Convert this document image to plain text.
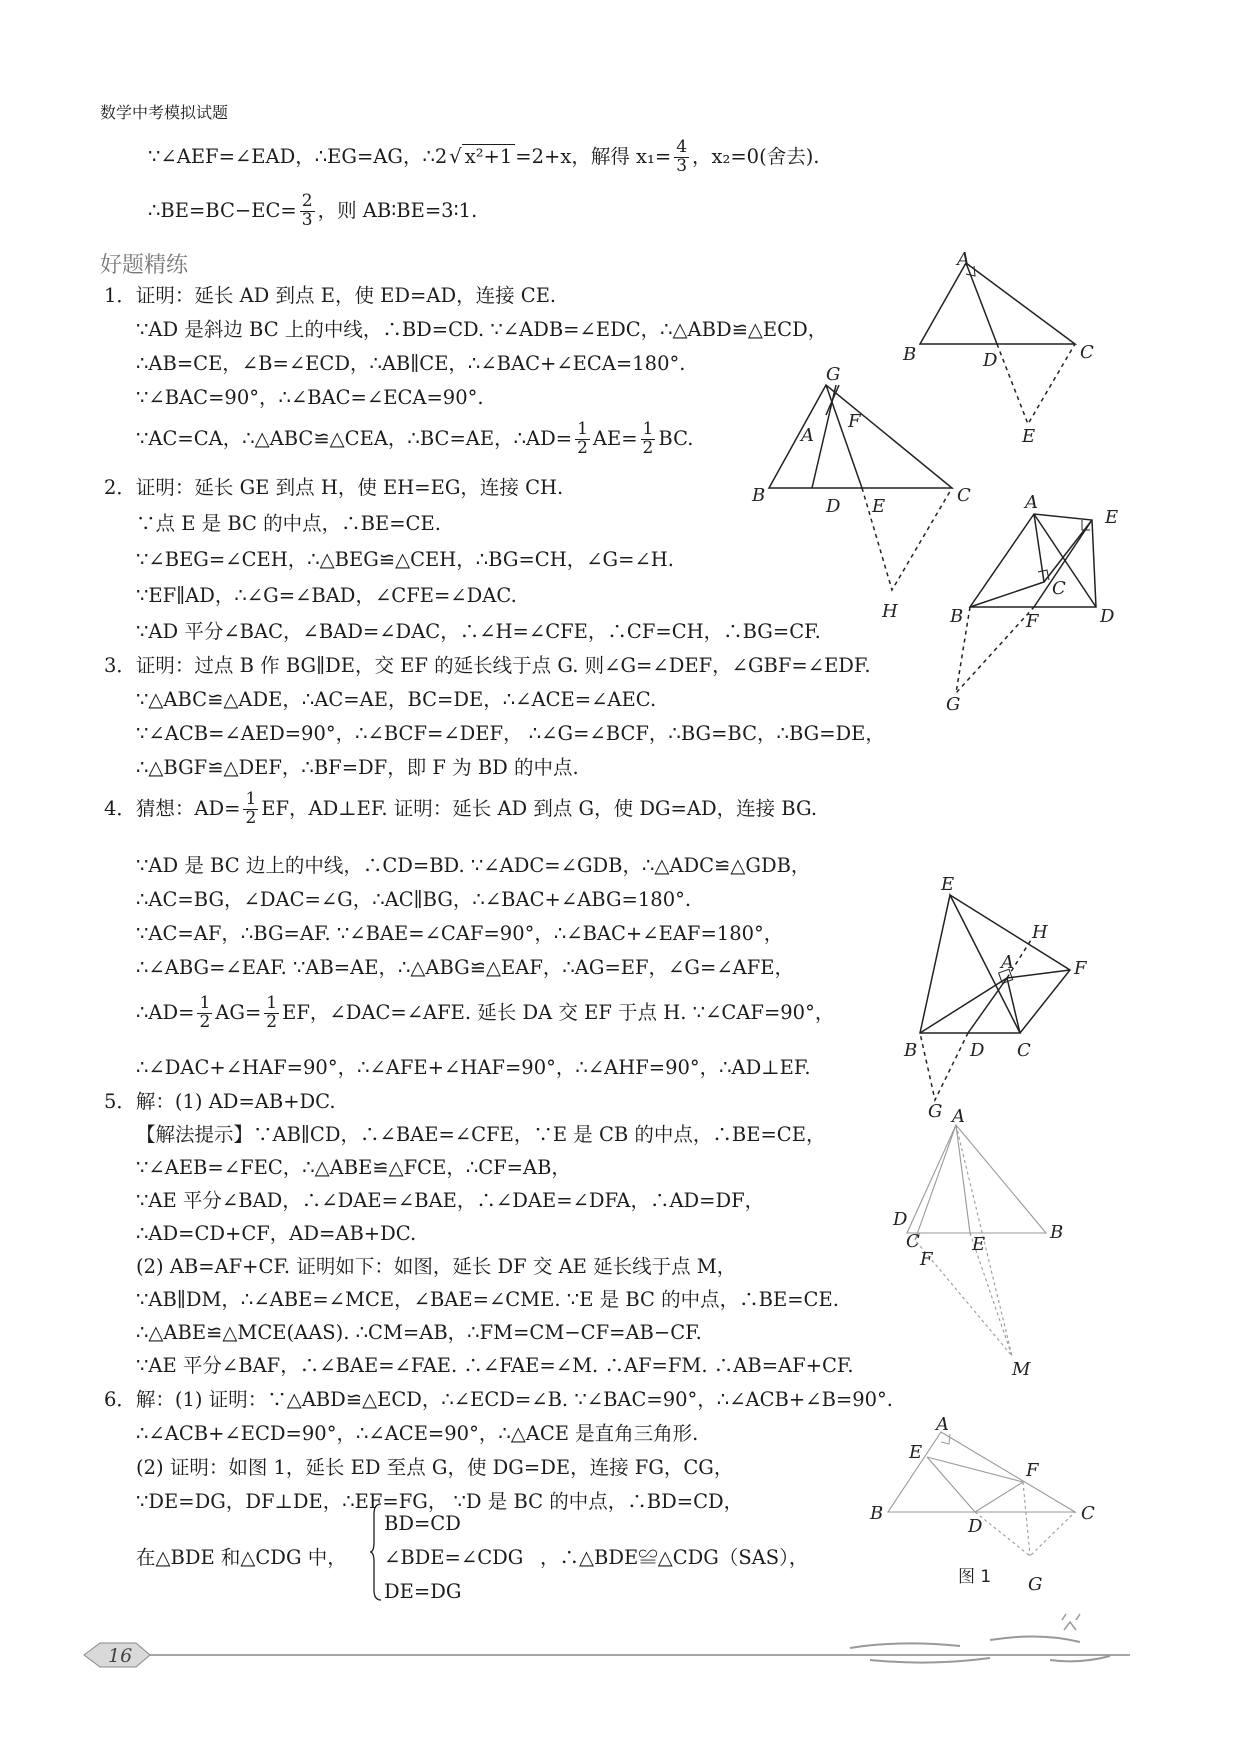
数学中考模拟试题
∵∠AEF=∠EAD，∴EG=AG，∴2 √ x²+1 =2+x，解得 $x_1= \frac{4}{3}$ ，x₂=0(舍去).
∴BE=BC−EC= $\frac{2}{3}$ ，则 AB∶BE=3∶1.
好题精练
1．证明：延长 AD 到点 E，使 ED=AD，连接 CE.
∵AD 是斜边 BC 上的中线，∴BD=CD. ∵∠ADB=∠EDC，∴△ABD≌△ECD，
∴AB=CE，∠B=∠ECD，∴AB∥CE，∴∠BAC+∠ECA=180°.
∵∠BAC=90°，∴∠BAC=∠ECA=90°.
∵AC=CA，∴△ABC≌△CEA，∴BC=AE，∴AD= $\frac{1}{2} AE= \frac{1}{2}$ BC.
2．证明：延长 GE 到点 H，使 EH=EG，连接 CH.
∵点 E 是 BC 的中点，∴BE=CE.
∵∠BEG=∠CEH，∴△BEG≌△CEH，∴BG=CH，∠G=∠H.
∵EF∥AD，∴∠G=∠BAD，∠CFE=∠DAC.
∵AD 平分∠BAC，∠BAD=∠DAC，∴∠H=∠CFE，∴CF=CH，∴BG=CF.
3．证明：过点 B 作 BG∥DE，交 EF 的延长线于点 G. 则∠G=∠DEF，∠GBF=∠EDF.
∵△ABC≌△ADE，∴AC=AE，BC=DE，∴∠ACE=∠AEC.
∵∠ACB=∠AED=90°，∴∠BCF=∠DEF， ∴∠G=∠BCF，∴BG=BC，∴BG=DE，
∴△BGF≌△DEF，∴BF=DF，即 F 为 BD 的中点.
4．猜想：$AD= \frac{1}{2}$ EF，AD⊥EF. 证明：延长 AD 到点 G，使 DG=AD，连接 BG.
∵AD 是 BC 边上的中线，∴CD=BD. ∵∠ADC=∠GDB，∴△ADC≌△GDB，
∴AC=BG，∠DAC=∠G，∴AC∥BG，∴∠BAC+∠ABG=180°.
∵AC=AF，∴BG=AF. ∵∠BAE=∠CAF=90°，∴∠BAC+∠EAF=180°，
∴∠ABG=∠EAF. ∵AB=AE，∴△ABG≌△EAF，∴AG=EF，∠G=∠AFE，
∴AD= $\frac{1}{2} AG= \frac{1}{2}$ EF，∠DAC=∠AFE. 延长 DA 交 EF 于点 H. ∵∠CAF=90°，
∴∠DAC+∠HAF=90°，∴∠AFE+∠HAF=90°，∴∠AHF=90°，∴AD⊥EF.
5．解：(1) AD=AB+DC.
【解法提示】∵AB∥CD，∴∠BAE=∠CFE，∵E 是 CB 的中点，∴BE=CE，
∵∠AEB=∠FEC，∴△ABE≌△FCE，∴CF=AB，
∵AE 平分∠BAD，∴∠DAE=∠BAE，∴∠DAE=∠DFA，∴AD=DF，
∴AD=CD+CF，AD=AB+DC.
(2) AB=AF+CF. 证明如下：如图，延长 DF 交 AE 延长线于点 M，
∵AB∥DM，∴∠ABE=∠MCE，∠BAE=∠CME. ∵E 是 BC 的中点，∴BE=CE.
∴△ABE≌△MCE(AAS). ∴CM=AB，∴FM=CM−CF=AB−CF.
∵AE 平分∠BAF，∴∠BAE=∠FAE. ∴∠FAE=∠M. ∴AF=FM. ∴AB=AF+CF.
6．解：(1) 证明：∵△ABD≌△ECD，∴∠ECD=∠B. ∵∠BAC=90°，∴∠ACB+∠B=90°.
∴∠ACB+∠ECD=90°，∴∠ACE=90°，∴△ACE 是直角三角形.
(2) 证明：如图 1，延长 ED 至点 G，使 DG=DE，连接 FG，CG，
∵DE=DG，DF⊥DE，∴EF=FG， ∵D 是 BC 的中点，∴BD=CD，
在△BDE 和△CDG 中，
BD=CD
∠BDE=∠CDG
DE=DG
，∴△BDE≌△CDG（SAS），
A
B	C
D
E
G
A
F
B
D E
C
H
A
E
C
B	F	D
G
E
H
A	F
B	D C
G A
D
C	E
B
F
M
A
E
F
B
D
C
G
图 1
16
